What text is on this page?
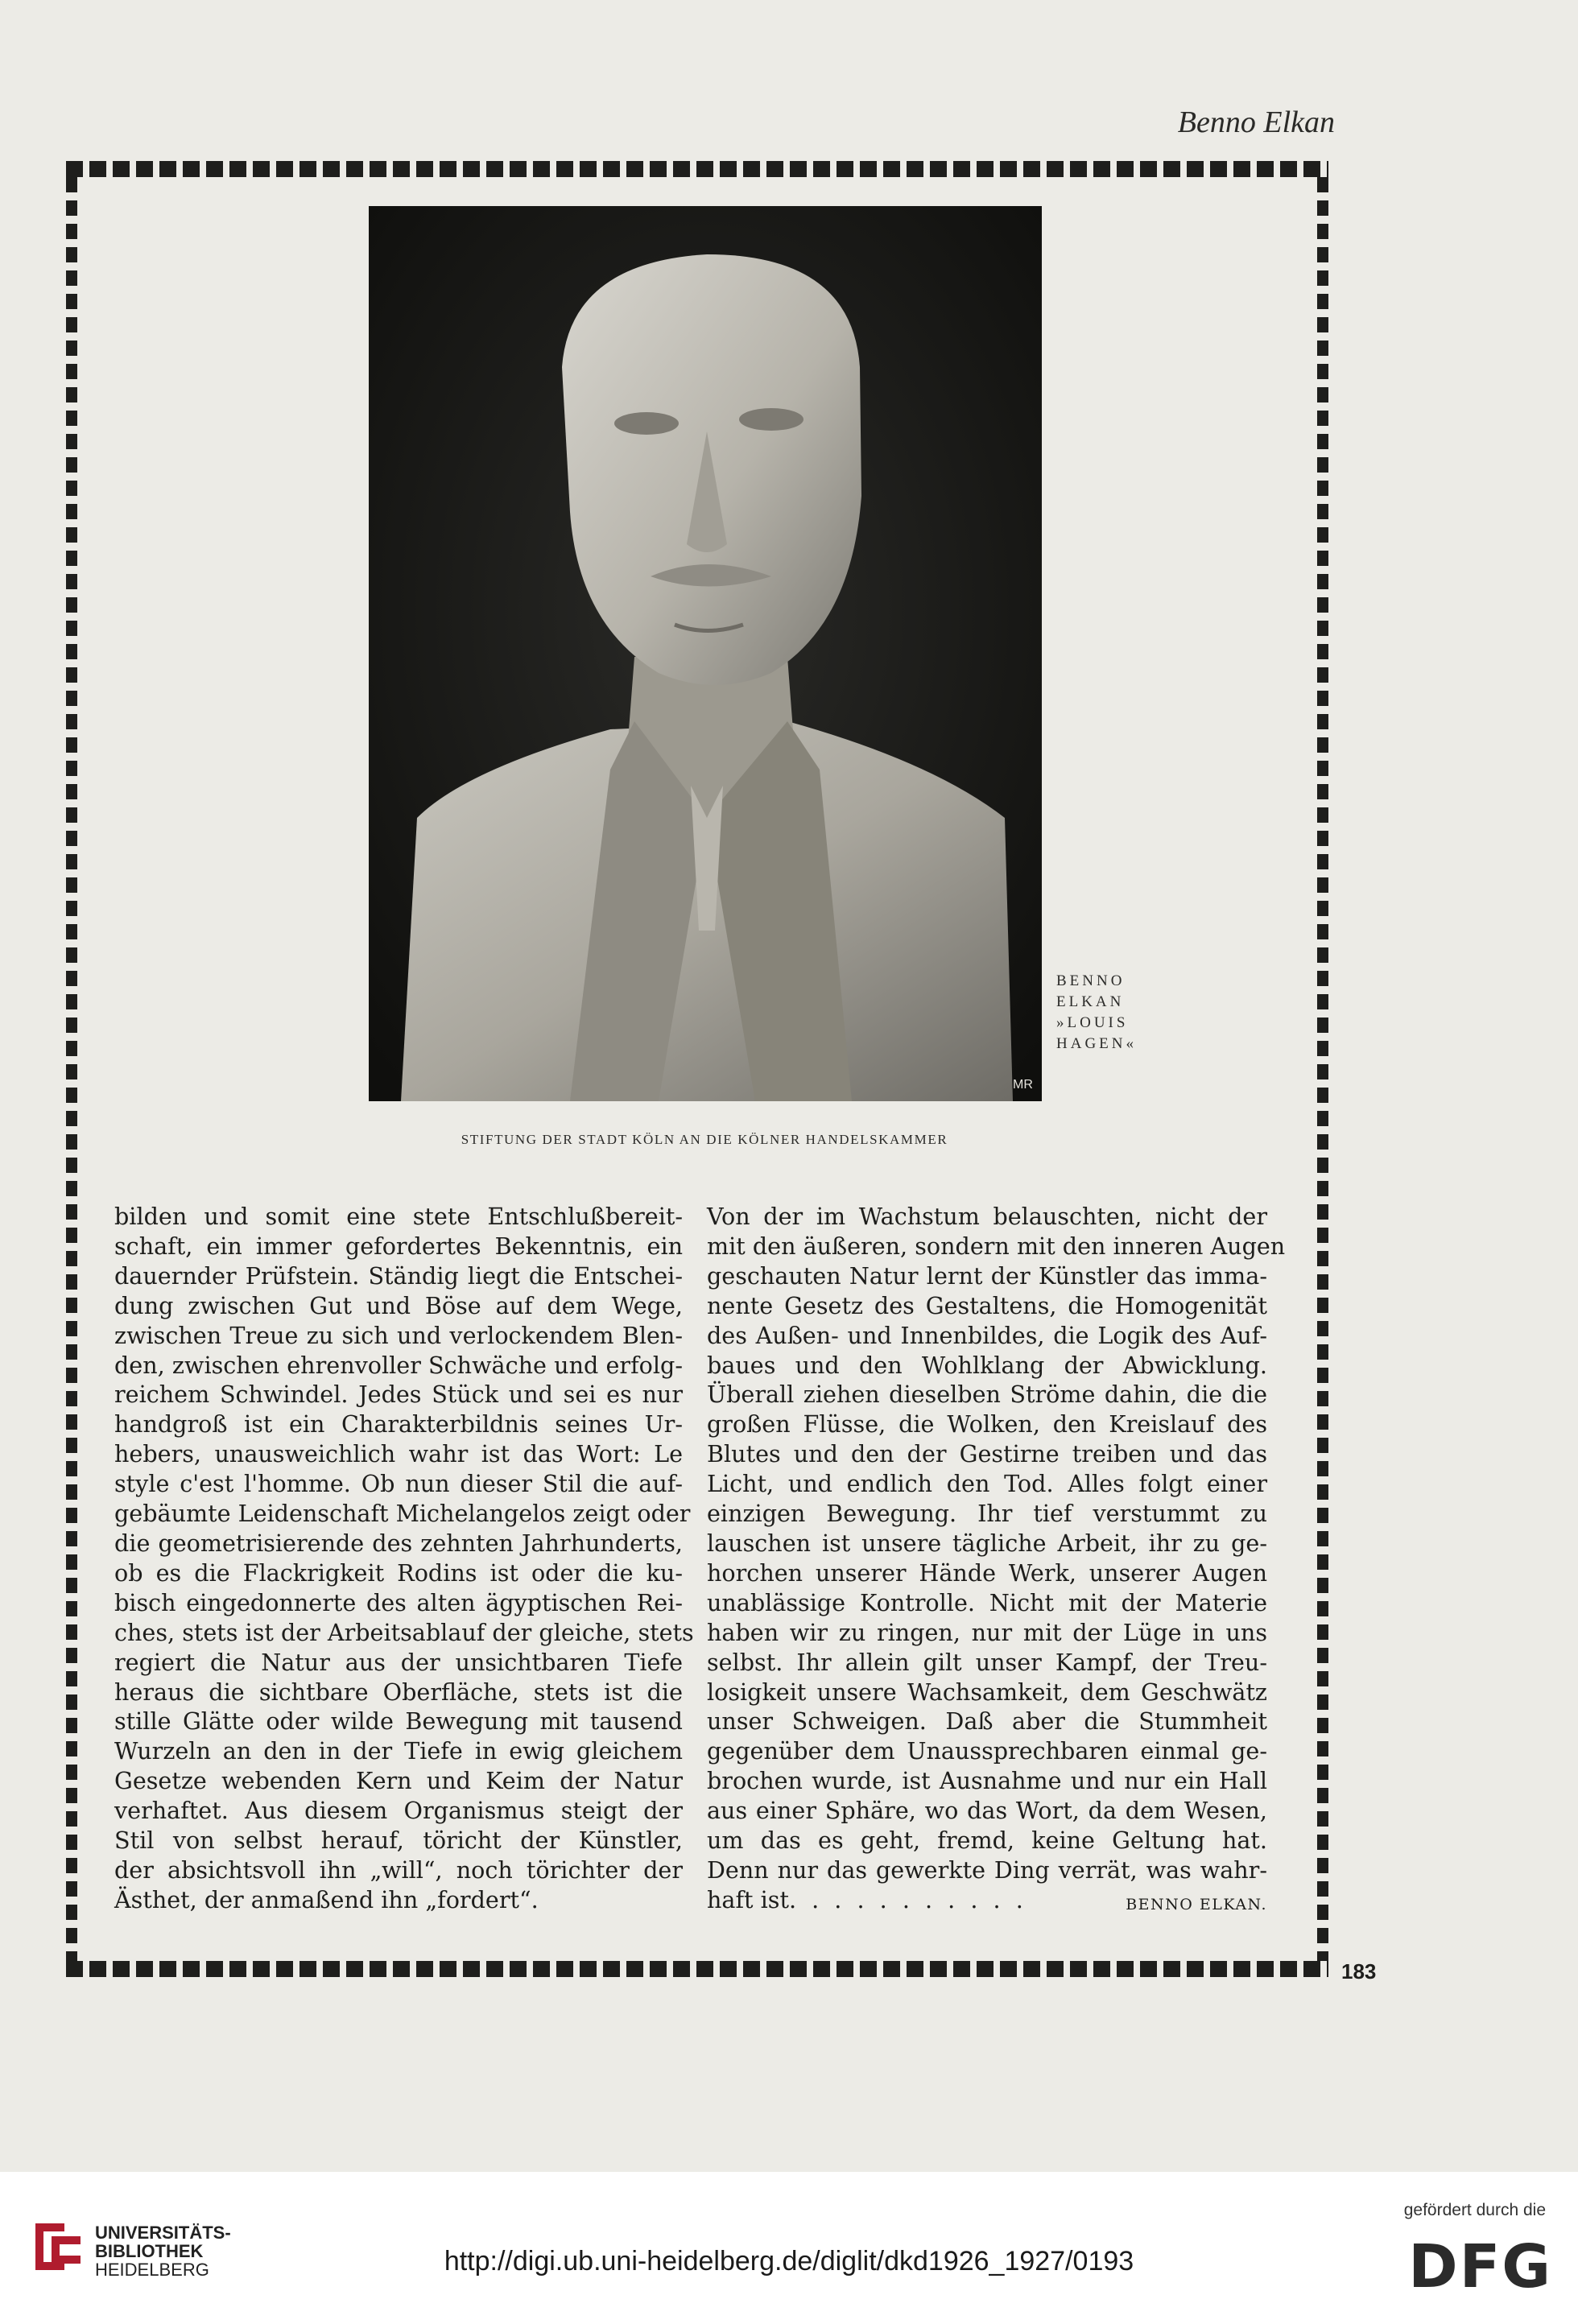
Benno Elkan
MR
BENNO
ELKAN
»LOUIS
HAGEN«
STIFTUNG DER STADT KÖLN AN DIE KÖLNER HANDELSKAMMER
bilden und somit eine stete Entschlußbereit-
schaft, ein immer gefordertes Bekenntnis, ein
dauernder Prüfstein. Ständig liegt die Entschei-
dung zwischen Gut und Böse auf dem Wege,
zwischen Treue zu sich und verlockendem Blen-
den, zwischen ehrenvoller Schwäche und erfolg-
reichem Schwindel. Jedes Stück und sei es nur
handgroß ist ein Charakterbildnis seines Ur-
hebers, unausweichlich wahr ist das Wort: Le
style c'est l'homme. Ob nun dieser Stil die auf-
gebäumte Leidenschaft Michelangelos zeigt oder
die geometrisierende des zehnten Jahrhunderts,
ob es die Flackrigkeit Rodins ist oder die ku-
bisch eingedonnerte des alten ägyptischen Rei-
ches, stets ist der Arbeitsablauf der gleiche, stets
regiert die Natur aus der unsichtbaren Tiefe
heraus die sichtbare Oberfläche, stets ist die
stille Glätte oder wilde Bewegung mit tausend
Wurzeln an den in der Tiefe in ewig gleichem
Gesetze webenden Kern und Keim der Natur
verhaftet. Aus diesem Organismus steigt der
Stil von selbst herauf, töricht der Künstler,
der absichtsvoll ihn „will“, noch törichter der
Ästhet, der anmaßend ihn „fordert“.
Von der im Wachstum belauschten, nicht der
mit den äußeren, sondern mit den inneren Augen
geschauten Natur lernt der Künstler das imma-
nente Gesetz des Gestaltens, die Homogenität
des Außen- und Innenbildes, die Logik des Auf-
baues und den Wohlklang der Abwicklung.
Überall ziehen dieselben Ströme dahin, die die
großen Flüsse, die Wolken, den Kreislauf des
Blutes und den der Gestirne treiben und das
Licht, und endlich den Tod. Alles folgt einer
einzigen Bewegung. Ihr tief verstummt zu
lauschen ist unsere tägliche Arbeit, ihr zu ge-
horchen unserer Hände Werk, unserer Augen
unablässige Kontrolle. Nicht mit der Materie
haben wir zu ringen, nur mit der Lüge in uns
selbst. Ihr allein gilt unser Kampf, der Treu-
losigkeit unsere Wachsamkeit, dem Geschwätz
unser Schweigen. Daß aber die Stummheit
gegenüber dem Unaussprechbaren einmal ge-
brochen wurde, ist Ausnahme und nur ein Hall
aus einer Sphäre, wo das Wort, da dem Wesen,
um das es geht, fremd, keine Geltung hat.
Denn nur das gewerkte Ding verrät, was wahr-
haft ist. . . . . . . . . . .	BENNO ELKAN.
183
UNIVERSITÄTS-
BIBLIOTHEK
HEIDELBERG	http://digi.ub.uni-heidelberg.de/diglit/dkd1926_1927/0193
gefördert durch die
DFG
